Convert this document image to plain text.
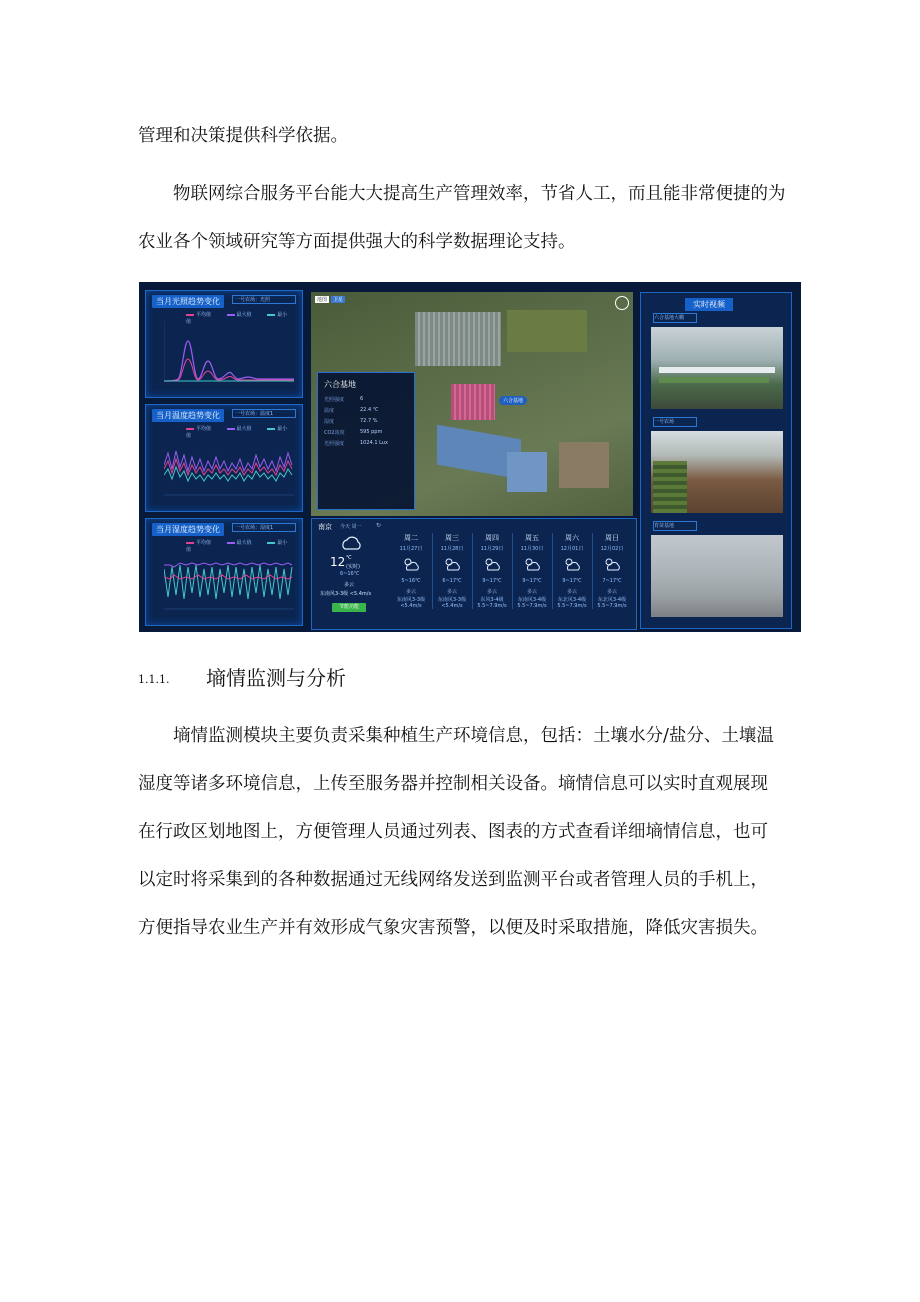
管理和决策提供科学依据。

物联网综合服务平台能大大提高生产管理效率，节省人工，而且能非常便捷的为农业各个领域研究等方面提供强大的科学数据理论支持。

当月光照趋势变化	一号农场：光照
平均值	最大值	最小值
当月温度趋势变化	一号农场：温度1
平均值	最大值	最小值
当月湿度趋势变化	一号农场：湿度1
平均值	最大值	最小值
地图	卫星
六合基地
六合基地
光照强度	6
温度	22.4 ℃
湿度	72.7 %
CO2浓度	595 ppm
光照强度	1024.1 Lux
南京 今天 周一 ↻
12 ℃
(实时)
6~16℃
多云
东南风3-3级 <5.4m/s
节能功能
周二
11月27日
5~16℃
多云
东南风3-3级 <5.4m/s
周三
11月28日
6~17℃
多云
东南风3-3级 <5.4m/s
周四
11月29日
9~17℃
多云
东风3-4级 5.5~7.9m/s
周五
11月30日
9~17℃
多云
东南风3-4级 5.5~7.9m/s
周六
12月01日
9~17℃
多云
东北风3-4级 5.5~7.9m/s
周日
12月02日
7~17℃
多云
东北风3-4级 5.5~7.9m/s
实时视频
六合基地大棚
一号农场
育苗基地
1.1.1. 墒情监测与分析

墒情监测模块主要负责采集种植生产环境信息，包括：土壤水分/盐分、土壤温湿度等诸多环境信息，上传至服务器并控制相关设备。墒情信息可以实时直观展现在行政区划地图上，方便管理人员通过列表、图表的方式查看详细墒情信息，也可以定时将采集到的各种数据通过无线网络发送到监测平台或者管理人员的手机上，方便指导农业生产并有效形成气象灾害预警，以便及时采取措施，降低灾害损失。
